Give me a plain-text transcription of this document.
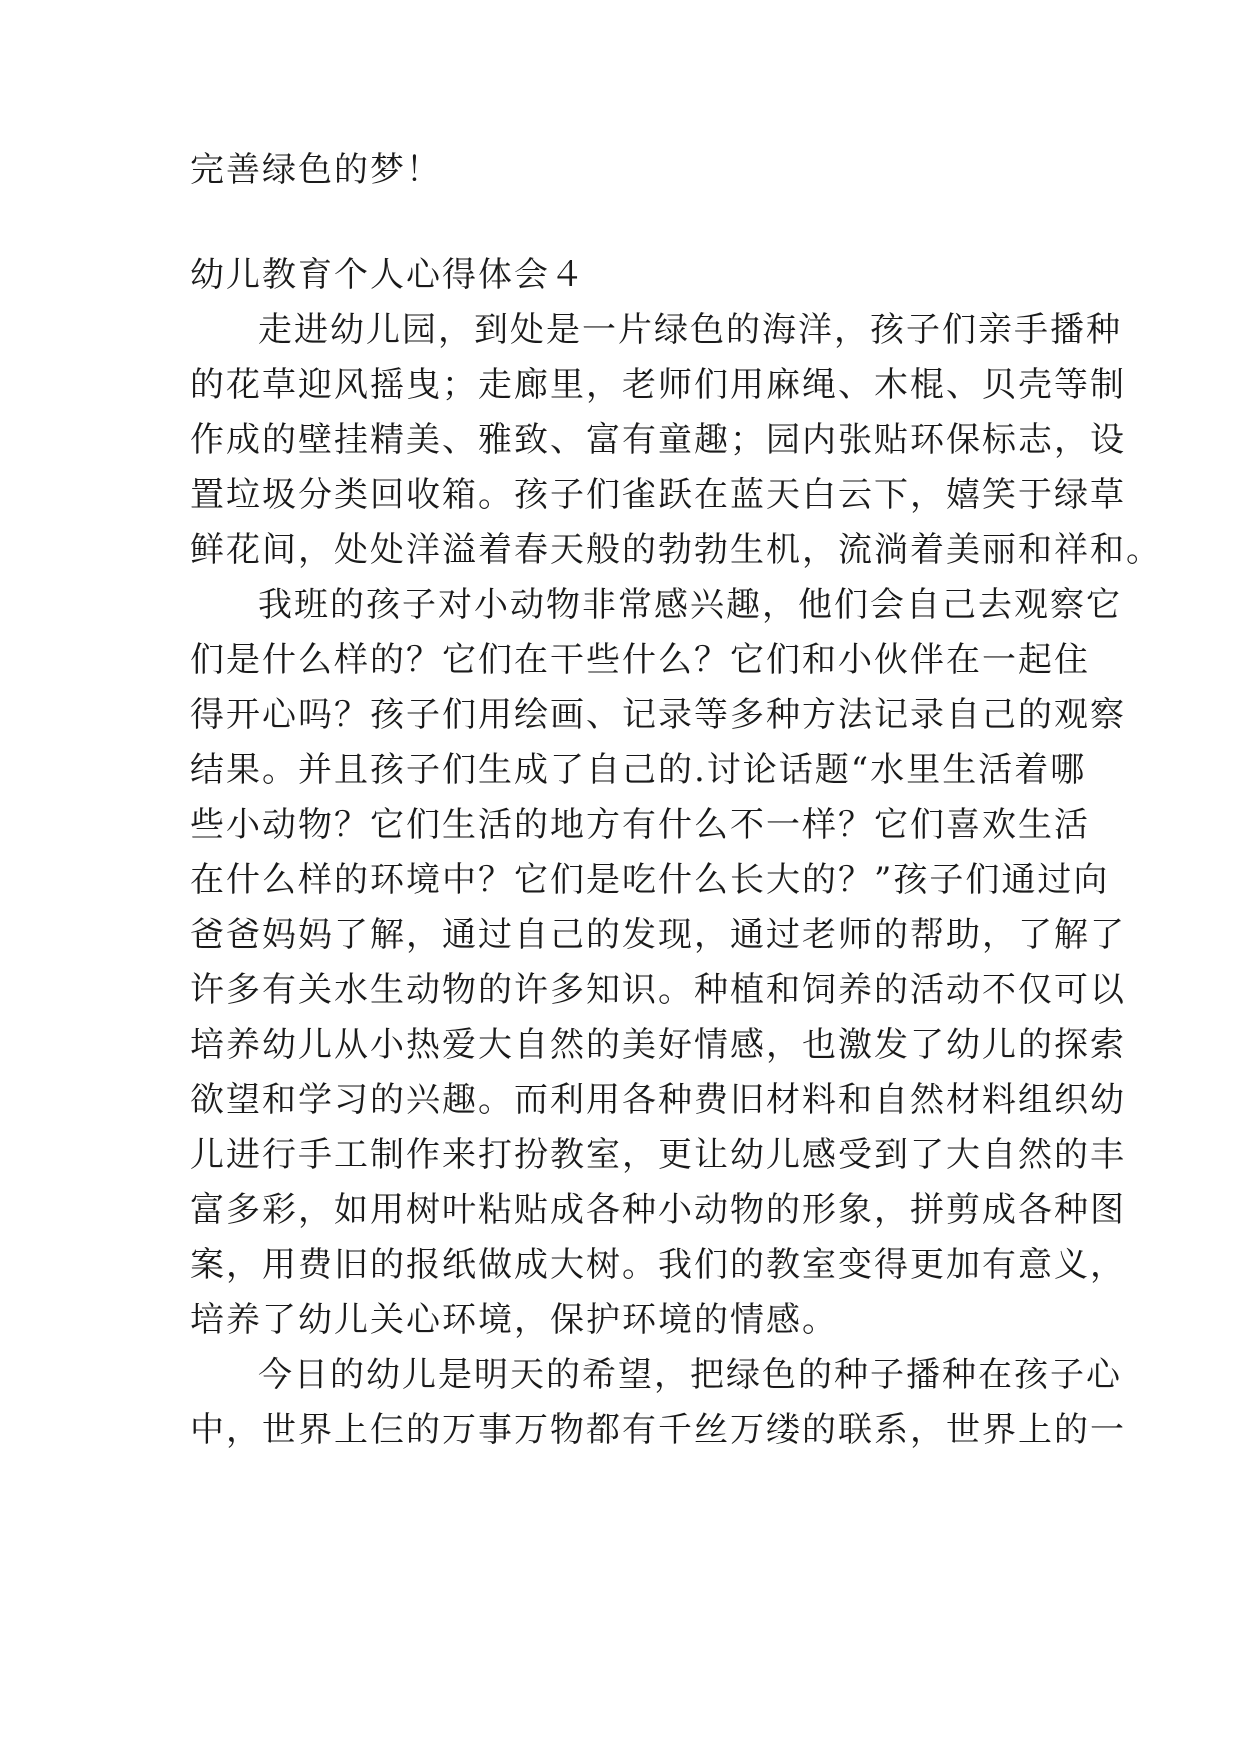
完善绿色的梦！
幼儿教育个人心得体会４
走进幼儿园，到处是一片绿色的海洋，孩子们亲手播种
的花草迎风摇曳；走廊里，老师们用麻绳、木棍、贝壳等制
作成的壁挂精美、雅致、富有童趣；园内张贴环保标志，设
置垃圾分类回收箱。孩子们雀跃在蓝天白云下，嬉笑于绿草
鲜花间，处处洋溢着春天般的勃勃生机，流淌着美丽和祥和。
我班的孩子对小动物非常感兴趣，他们会自己去观察它
们是什么样的？它们在干些什么？它们和小伙伴在一起住
得开心吗？孩子们用绘画、记录等多种方法记录自己的观察
结果。并且孩子们生成了自己的.讨论话题“水里生活着哪
些小动物？它们生活的地方有什么不一样？它们喜欢生活
在什么样的环境中？它们是吃什么长大的？”孩子们通过向
爸爸妈妈了解，通过自己的发现，通过老师的帮助，了解了
许多有关水生动物的许多知识。种植和饲养的活动不仅可以
培养幼儿从小热爱大自然的美好情感，也激发了幼儿的探索
欲望和学习的兴趣。而利用各种费旧材料和自然材料组织幼
儿进行手工制作来打扮教室，更让幼儿感受到了大自然的丰
富多彩，如用树叶粘贴成各种小动物的形象，拼剪成各种图
案，用费旧的报纸做成大树。我们的教室变得更加有意义，
培养了幼儿关心环境，保护环境的情感。
今日的幼儿是明天的希望，把绿色的种子播种在孩子心
中，世界上仨的万事万物都有千丝万缕的联系，世界上的一
